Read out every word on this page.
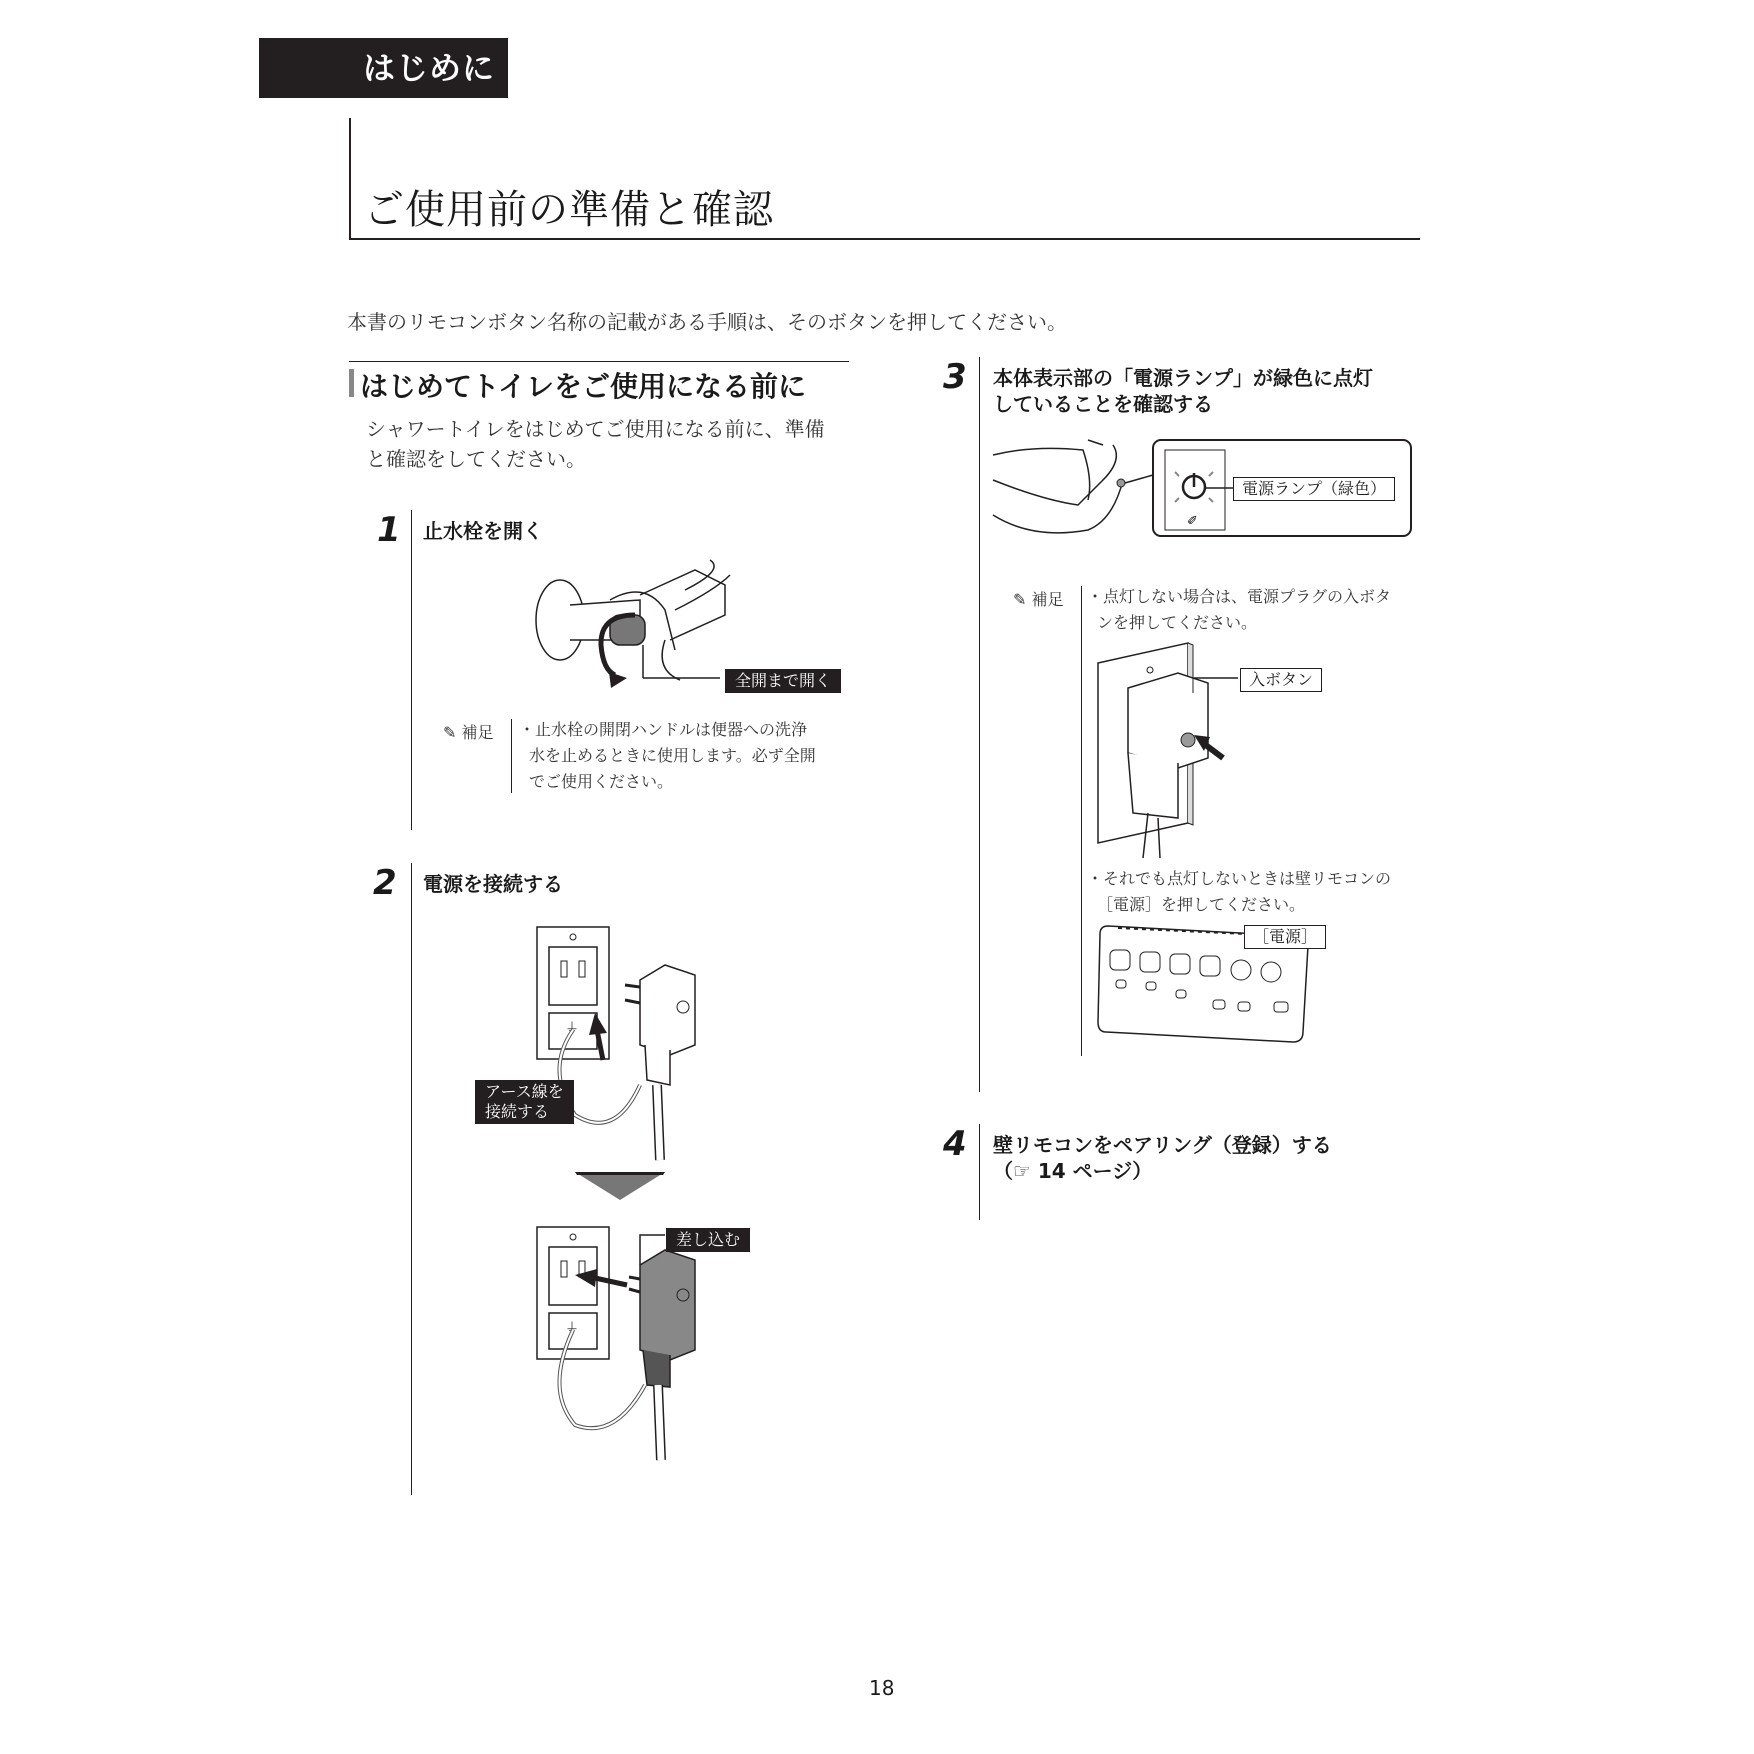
はじめに
ご使用前の準備と確認

本書のリモコンボタン名称の記載がある手順は、そのボタンを押してください。

はじめてトイレをご使用になる前に
シャワートイレをはじめてご使用になる前に、準備
と確認をしてください。
1 止水栓を開く
全開まで開く
✎ 補足 ・止水栓の開閉ハンドルは便器への洗浄
水を止めるときに使用します。必ず全開
でご使用ください。
2 電源を接続する
⏚
アース線を
接続する
⏚
差し込む
3 本体表示部の「電源ランプ」が緑色に点灯
していることを確認する
✐
電源ランプ（緑色）
✎ 補足 ・点灯しない場合は、電源プラグの入ボタ
ンを押してください。
入ボタン
・それでも点灯しないときは壁リモコンの
［電源］を押してください。
［電源］
4 壁リモコンをペアリング（登録）する
（☞ 14 ページ）
18
